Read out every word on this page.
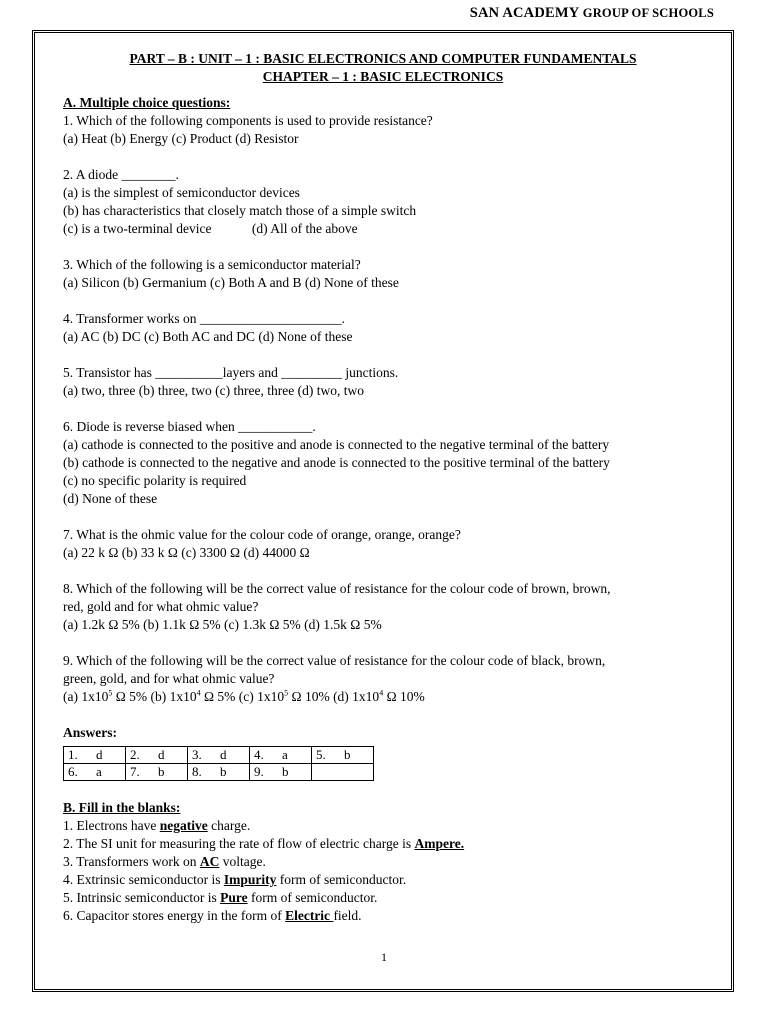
SAN ACADEMY GROUP OF SCHOOLS

PART – B : UNIT – 1 : BASIC ELECTRONICS AND COMPUTER FUNDAMENTALS

CHAPTER – 1 : BASIC ELECTRONICS

A. Multiple choice questions:

1. Which of the following components is used to provide resistance?

(a) Heat (b) Energy (c) Product (d) Resistor

2. A diode ________.

(a) is the simplest of semiconductor devices

(b) has characteristics that closely match those of a simple switch

(c) is a two-terminal device            (d) All of the above

3. Which of the following is a semiconductor material?

(a) Silicon (b) Germanium (c) Both A and B (d) None of these

4. Transformer works on _____________________.

(a) AC (b) DC (c) Both AC and DC (d) None of these

5. Transistor has __________layers and _________ junctions.

(a) two, three (b) three, two (c) three, three (d) two, two

6. Diode is reverse biased when ___________.

(a) cathode is connected to the positive and anode is connected to the negative terminal of the battery

(b) cathode is connected to the negative and anode is connected to the positive terminal of the battery

(c) no specific polarity is required

(d) None of these

7. What is the ohmic value for the colour code of orange, orange, orange?

(a) 22 k Ω (b) 33 k Ω (c) 3300 Ω (d) 44000 Ω

8. Which of the following will be the correct value of resistance for the colour code of brown, brown,

red, gold and for what ohmic value?

(a) 1.2k Ω 5% (b) 1.1k Ω 5% (c) 1.3k Ω 5% (d) 1.5k Ω 5%

9. Which of the following will be the correct value of resistance for the colour code of black, brown,

green, gold, and for what ohmic value?

(a) $1x10^5$ Ω 5% (b) $1x10^4$ Ω 5% (c) $1x10^5$ Ω 10% (d) $1x10^4$ Ω 10%

Answers:

1. d	2. d	3. d	4. a	5. b
6. a	7. b	8. b	9. b	

B. Fill in the blanks:

1. Electrons have negative charge.

2. The SI unit for measuring the rate of flow of electric charge is Ampere.

3. Transformers work on AC voltage.

4. Extrinsic semiconductor is Impurity form of semiconductor.

5. Intrinsic semiconductor is Pure form of semiconductor.

6. Capacitor stores energy in the form of Electric field.

1
